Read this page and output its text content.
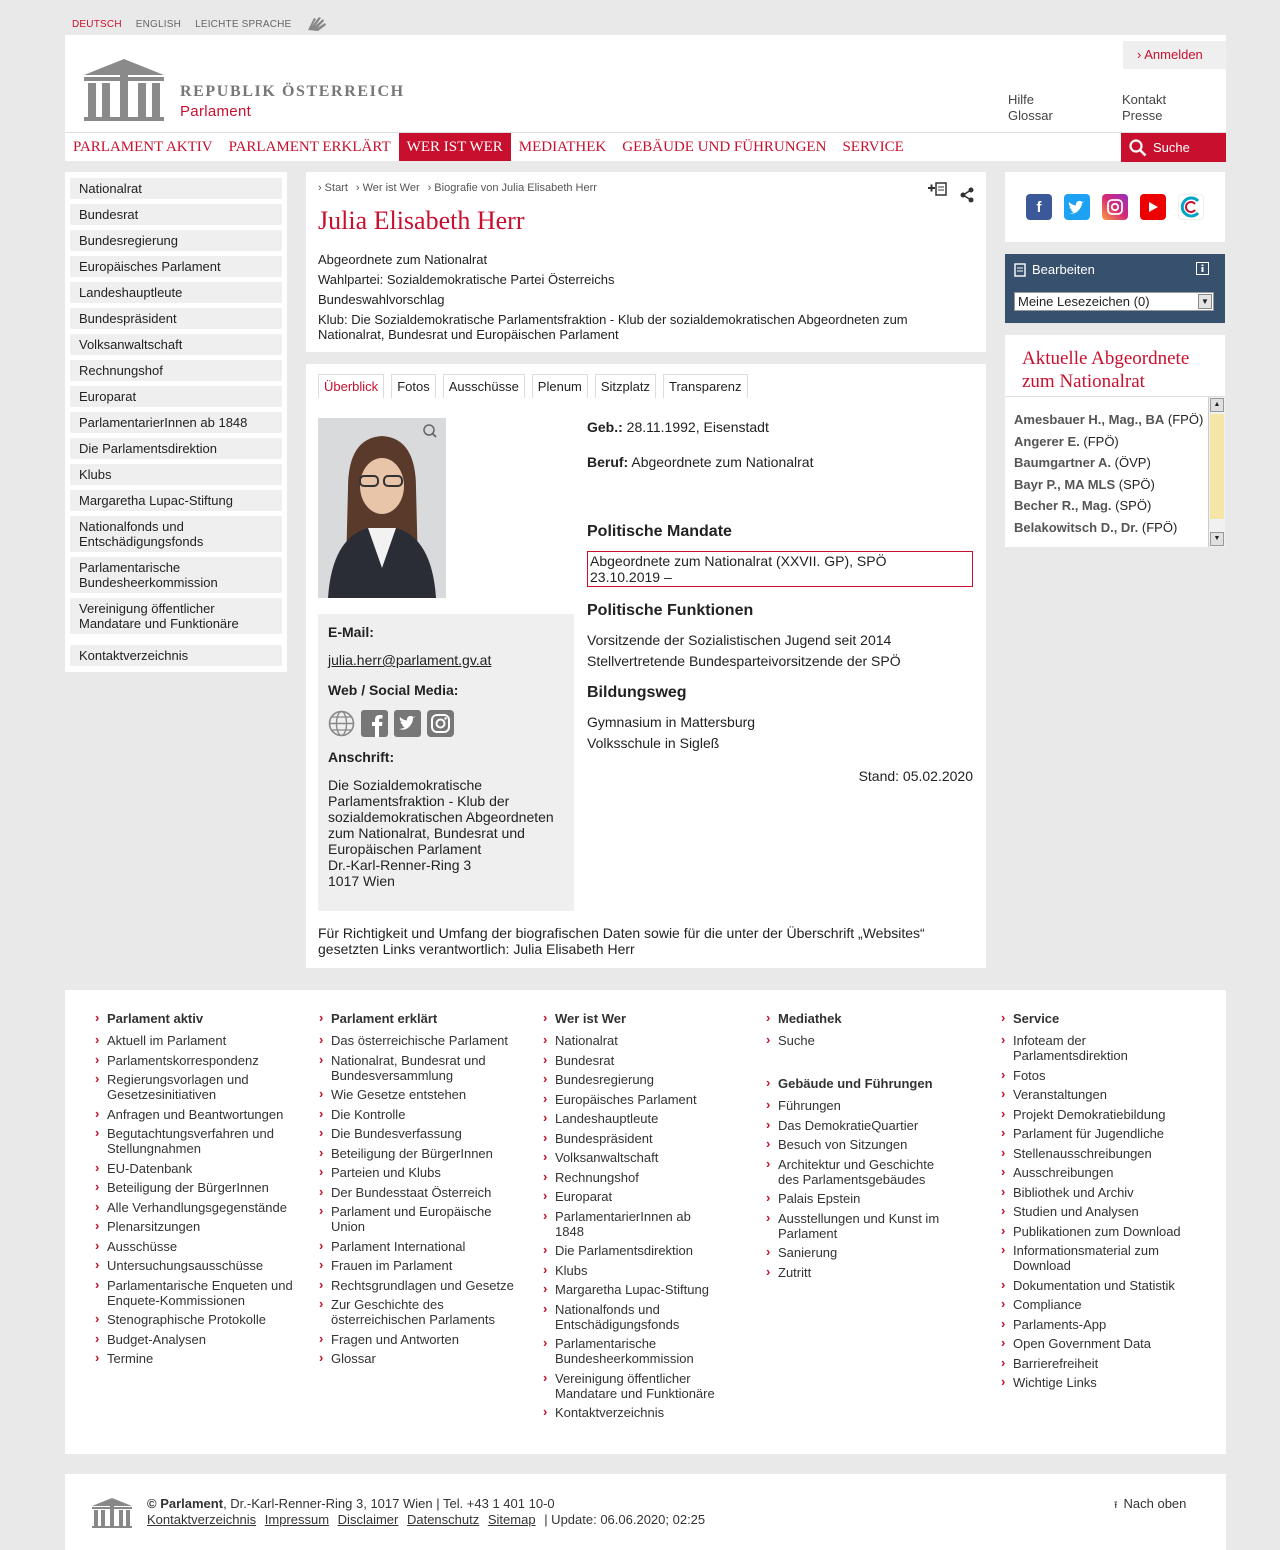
DEUTSCH ENGLISH LEICHTE SPRACHE
REPUBLIK ÖSTERREICH
Parlament
› Anmelden
Hilfe
Glossar
Kontakt
Presse
PARLAMENT AKTIV	PARLAMENT ERKLÄRT	WER IST WER	MEDIATHEK	GEBÄUDE UND FÜHRUNGEN	SERVICE	Suche
Nationalrat
Bundesrat
Bundesregierung
Europäisches Parlament
Landeshauptleute
Bundespräsident
Volksanwaltschaft
Rechnungshof
Europarat
ParlamentarierInnen ab 1848
Die Parlamentsdirektion
Klubs
Margaretha Lupac-Stiftung
Nationalfonds und Entschädigungsfonds
Parlamentarische Bundesheerkommission
Vereinigung öffentlicher Mandatare und Funktionäre
Kontaktverzeichnis
› Start	› Wer ist Wer	› Biografie von Julia Elisabeth Herr
Julia Elisabeth Herr
Abgeordnete zum Nationalrat
Wahlpartei: Sozialdemokratische Partei Österreichs
Bundeswahlvorschlag
Klub: Die Sozialdemokratische Parlamentsfraktion - Klub der sozialdemokratischen Abgeordneten zum Nationalrat, Bundesrat und Europäischen Parlament
Überblick	Fotos	Ausschüsse	Plenum	Sitzplatz	Transparenz
E-Mail:
julia.herr@parlament.gv.at
Web / Social Media:
Anschrift:
Die Sozialdemokratische
Parlamentsfraktion - Klub der
sozialdemokratischen Abgeordneten
zum Nationalrat, Bundesrat und
Europäischen Parlament
Dr.-Karl-Renner-Ring 3
1017 Wien
Geb.: 28.11.1992, Eisenstadt
Beruf: Abgeordnete zum Nationalrat
Politische Mandate
Abgeordnete zum Nationalrat (XXVII. GP), SPÖ
23.10.2019 –
Politische Funktionen
Vorsitzende der Sozialistischen Jugend seit 2014
Stellvertretende Bundesparteivorsitzende der SPÖ
Bildungsweg
Gymnasium in Mattersburg
Volksschule in Sigleß
Stand: 05.02.2020
Für Richtigkeit und Umfang der biografischen Daten sowie für die unter der Überschrift „Websites“ gesetzten Links verantwortlich: Julia Elisabeth Herr
f
Bearbeiten
Meine Lesezeichen (0)	▼
Aktuelle Abgeordnete zum Nationalrat
Amesbauer H., Mag., BA (FPÖ)
Angerer E. (FPÖ)
Baumgartner A. (ÖVP)
Bayr P., MA MLS (SPÖ)
Becher R., Mag. (SPÖ)
Belakowitsch D., Dr. (FPÖ)
▲
▼
› Parlament aktiv
› Aktuell im Parlament
› Parlamentskorrespondenz
› Regierungsvorlagen und Gesetzesinitiativen
› Anfragen und Beantwortungen
› Begutachtungsverfahren und Stellungnahmen
› EU-Datenbank
› Beteiligung der BürgerInnen
› Alle Verhandlungsgegenstände
› Plenarsitzungen
› Ausschüsse
› Untersuchungsausschüsse
› Parlamentarische Enqueten und Enquete-Kommissionen
› Stenographische Protokolle
› Budget-Analysen
› Termine
› Parlament erklärt
› Das österreichische Parlament
› Nationalrat, Bundesrat und Bundesversammlung
› Wie Gesetze entstehen
› Die Kontrolle
› Die Bundesverfassung
› Beteiligung der BürgerInnen
› Parteien und Klubs
› Der Bundesstaat Österreich
› Parlament und Europäische Union
› Parlament International
› Frauen im Parlament
› Rechtsgrundlagen und Gesetze
› Zur Geschichte des österreichischen Parlaments
› Fragen und Antworten
› Glossar
› Wer ist Wer
› Nationalrat
› Bundesrat
› Bundesregierung
› Europäisches Parlament
› Landeshauptleute
› Bundespräsident
› Volksanwaltschaft
› Rechnungshof
› Europarat
› ParlamentarierInnen ab 1848
› Die Parlamentsdirektion
› Klubs
› Margaretha Lupac-Stiftung
› Nationalfonds und Entschädigungsfonds
› Parlamentarische Bundesheerkommission
› Vereinigung öffentlicher Mandatare und Funktionäre
› Kontaktverzeichnis
› Mediathek
› Suche
› Gebäude und Führungen
› Führungen
› Das DemokratieQuartier
› Besuch von Sitzungen
› Architektur und Geschichte des Parlamentsgebäudes
› Palais Epstein
› Ausstellungen und Kunst im Parlament
› Sanierung
› Zutritt
› Service
› Infoteam der Parlamentsdirektion
› Fotos
› Veranstaltungen
› Projekt Demokratiebildung
› Parlament für Jugendliche
› Stellenausschreibungen
› Ausschreibungen
› Bibliothek und Archiv
› Studien und Analysen
› Publikationen zum Download
› Informationsmaterial zum Download
› Dokumentation und Statistik
› Compliance
› Parlaments-App
› Open Government Data
› Barrierefreiheit
› Wichtige Links
© Parlament, Dr.-Karl-Renner-Ring 3, 1017 Wien | Tel. +43 1 401 10-0
Kontaktverzeichnis Impressum Disclaimer Datenschutz Sitemap | Update: 06.06.2020; 02:25
⭱ Nach oben
